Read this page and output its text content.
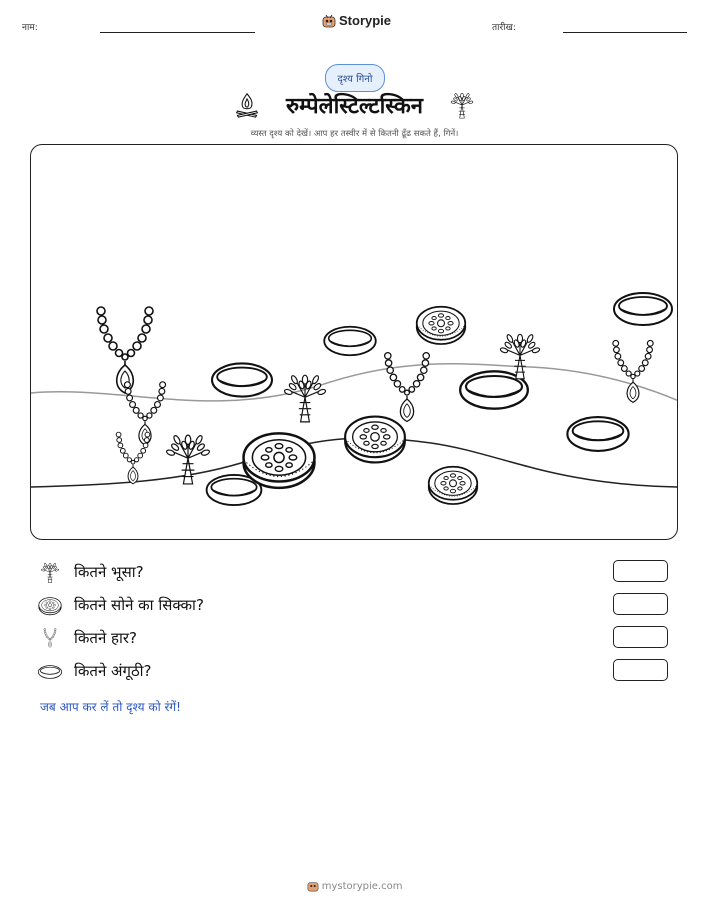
नाम:	Storypie	तारीख:
दृश्य गिनो
रुम्पेलेस्टिल्टस्किन
व्यस्त दृश्य को देखें। आप हर तस्वीर में से कितनी ढूँढ सकते हैं, गिनें।
कितने भूसा?
कितने सोने का सिक्का?
कितने हार?
कितने अंगूठी?
जब आप कर लें तो दृश्य को रंगें!
mystorypie.com
